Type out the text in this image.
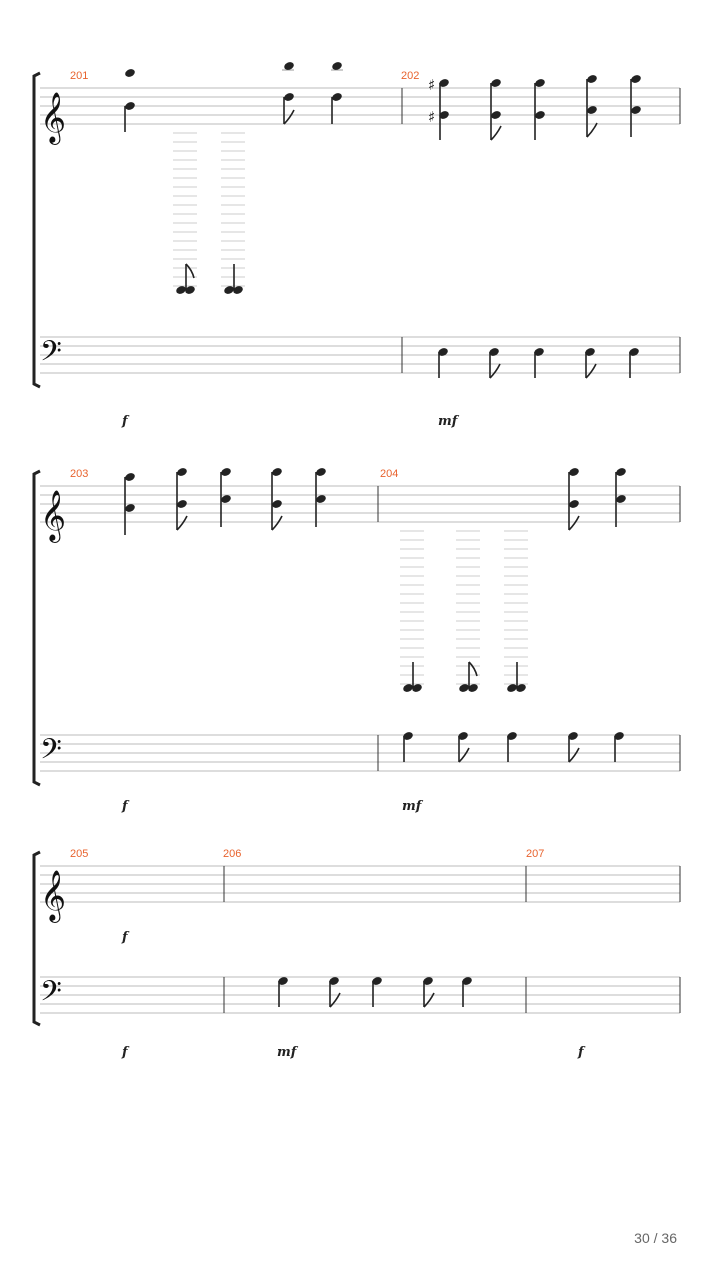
𝄞
201	202 ♯
♯
𝄢
f	mf
𝄞
203	204
𝄢
f	mf
𝄞
205	206	207
f
𝄢
f	mf	f
30 / 36
